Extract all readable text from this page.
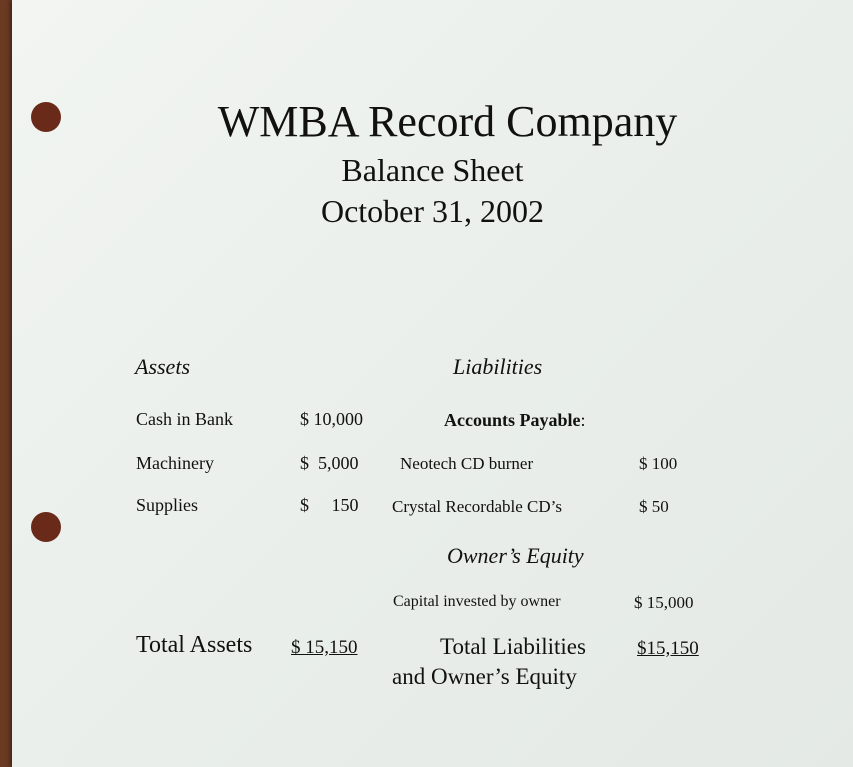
WMBA Record Company
Balance Sheet
October 31, 2002
Assets
Cash in Bank	$ 10,000
Machinery	$  5,000
Supplies	$     150
Total Assets $ 15,150
Liabilities
Accounts Payable:
Neotech CD burner	$ 100
Crystal Recordable CD’s	$ 50
Owner’s Equity
Capital invested by owner	$ 15,000
Total Liabilities
and Owner’s Equity
$15,150
